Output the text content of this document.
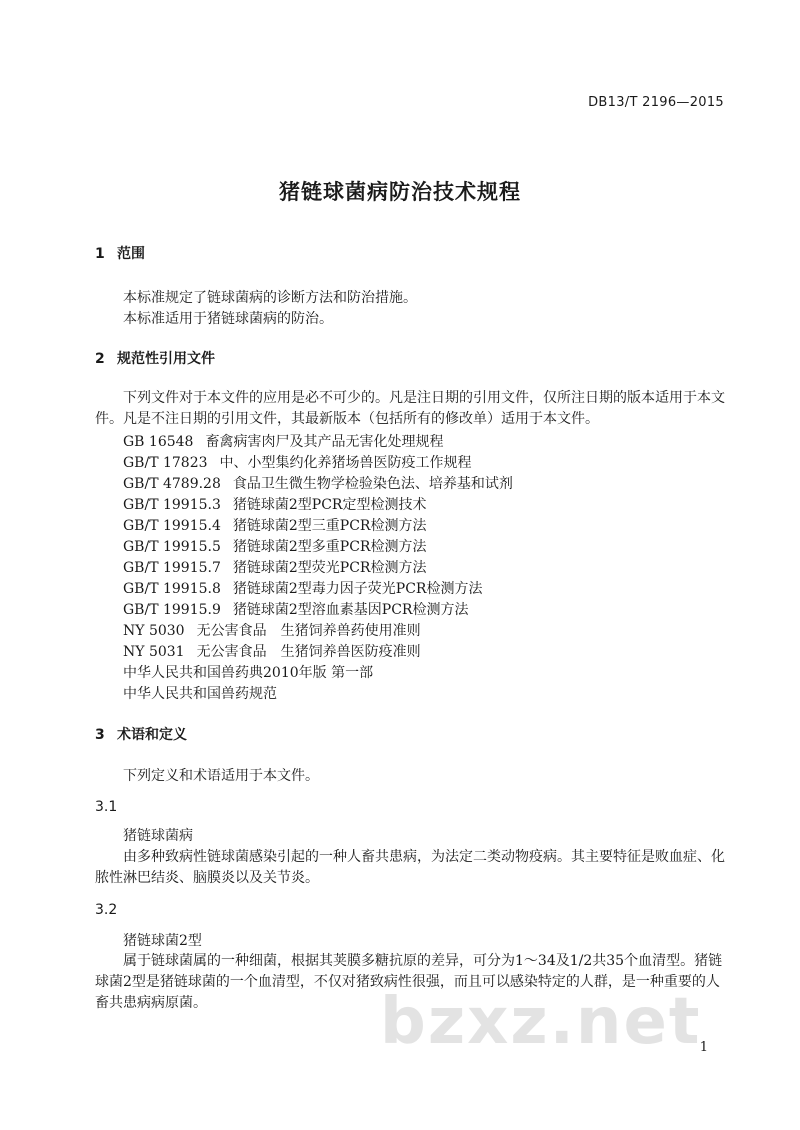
DB13/T 2196—2015
猪链球菌病防治技术规程
1 范围
本标准规定了链球菌病的诊断方法和防治措施。
本标准适用于猪链球菌病的防治。
2 规范性引用文件

下列文件对于本文件的应用是必不可少的。凡是注日期的引用文件，仅所注日期的版本适用于本文件。凡是不注日期的引用文件，其最新版本（包括所有的修改单）适用于本文件。

GB 16548 畜禽病害肉尸及其产品无害化处理规程
GB/T 17823 中、小型集约化养猪场兽医防疫工作规程
GB/T 4789.28 食品卫生微生物学检验染色法、培养基和试剂
GB/T 19915.3 猪链球菌2型PCR定型检测技术
GB/T 19915.4 猪链球菌2型三重PCR检测方法
GB/T 19915.5 猪链球菌2型多重PCR检测方法
GB/T 19915.7 猪链球菌2型荧光PCR检测方法
GB/T 19915.8 猪链球菌2型毒力因子荧光PCR检测方法
GB/T 19915.9 猪链球菌2型溶血素基因PCR检测方法
NY 5030 无公害食品　生猪饲养兽药使用准则
NY 5031 无公害食品　生猪饲养兽医防疫准则
中华人民共和国兽药典2010年版 第一部
中华人民共和国兽药规范
3 术语和定义
下列定义和术语适用于本文件。
3.1
猪链球菌病

由多种致病性链球菌感染引起的一种人畜共患病，为法定二类动物疫病。其主要特征是败血症、化脓性淋巴结炎、脑膜炎以及关节炎。

3.2
猪链球菌2型

属于链球菌属的一种细菌，根据其荚膜多糖抗原的差异，可分为1～34及1/2共35个血清型。猪链球菌2型是猪链球菌的一个血清型，不仅对猪致病性很强，而且可以感染特定的人群，是一种重要的人畜共患病病原菌。	bzxz.net
1
